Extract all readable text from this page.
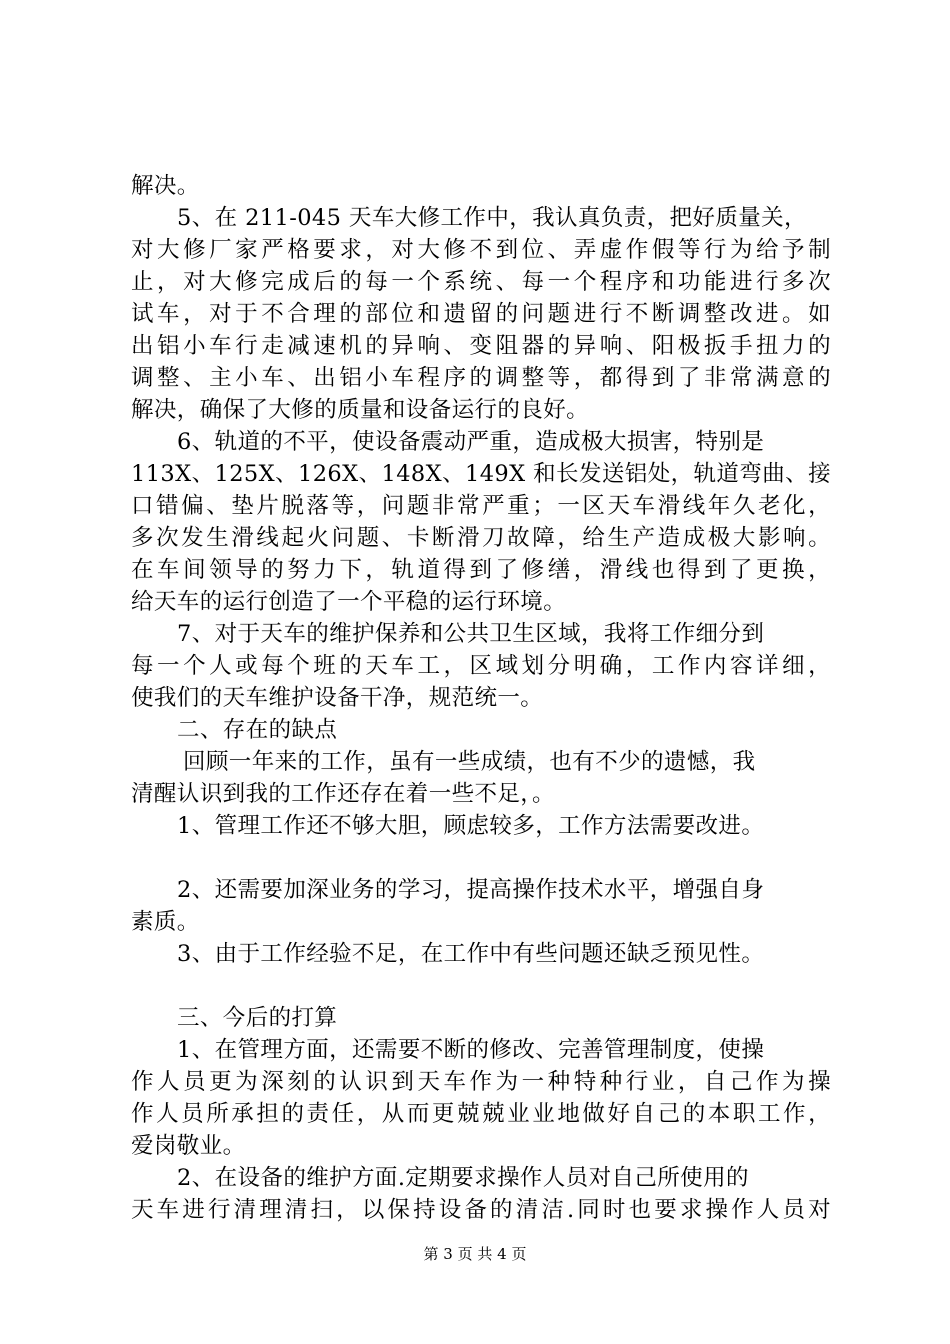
解决。
5、在 211-045 天车大修工作中，我认真负责，把好质量关，
对大修厂家严格要求，对大修不到位、弄虚作假等行为给予制
止，对大修完成后的每一个系统、每一个程序和功能进行多次
试车，对于不合理的部位和遗留的问题进行不断调整改进。如
出铝小车行走减速机的异响、变阻器的异响、阳极扳手扭力的
调整、主小车、出铝小车程序的调整等，都得到了非常满意的
解决，确保了大修的质量和设备运行的良好。
6、轨道的不平，使设备震动严重，造成极大损害，特别是
113X、125X、126X、148X、149X 和长发送铝处，轨道弯曲、接
口错偏、垫片脱落等，问题非常严重；一区天车滑线年久老化，
多次发生滑线起火问题、卡断滑刀故障，给生产造成极大影响。
在车间领导的努力下，轨道得到了修缮，滑线也得到了更换，
给天车的运行创造了一个平稳的运行环境。
7、对于天车的维护保养和公共卫生区域，我将工作细分到
每一个人或每个班的天车工，区域划分明确，工作内容详细，
使我们的天车维护设备干净，规范统一。
二、存在的缺点
回顾一年来的工作，虽有一些成绩，也有不少的遗憾，我
清醒认识到我的工作还存在着一些不足，。
1、管理工作还不够大胆，顾虑较多，工作方法需要改进。
2、还需要加深业务的学习，提高操作技术水平，增强自身
素质。
3、由于工作经验不足，在工作中有些问题还缺乏预见性。
三、今后的打算
1、在管理方面，还需要不断的修改、完善管理制度，使操
作人员更为深刻的认识到天车作为一种特种行业，自己作为操
作人员所承担的责任，从而更兢兢业业地做好自己的本职工作，
爱岗敬业。
2、在设备的维护方面.定期要求操作人员对自己所使用的
天车进行清理清扫，以保持设备的清洁.同时也要求操作人员对
第 3 页 共 4 页
